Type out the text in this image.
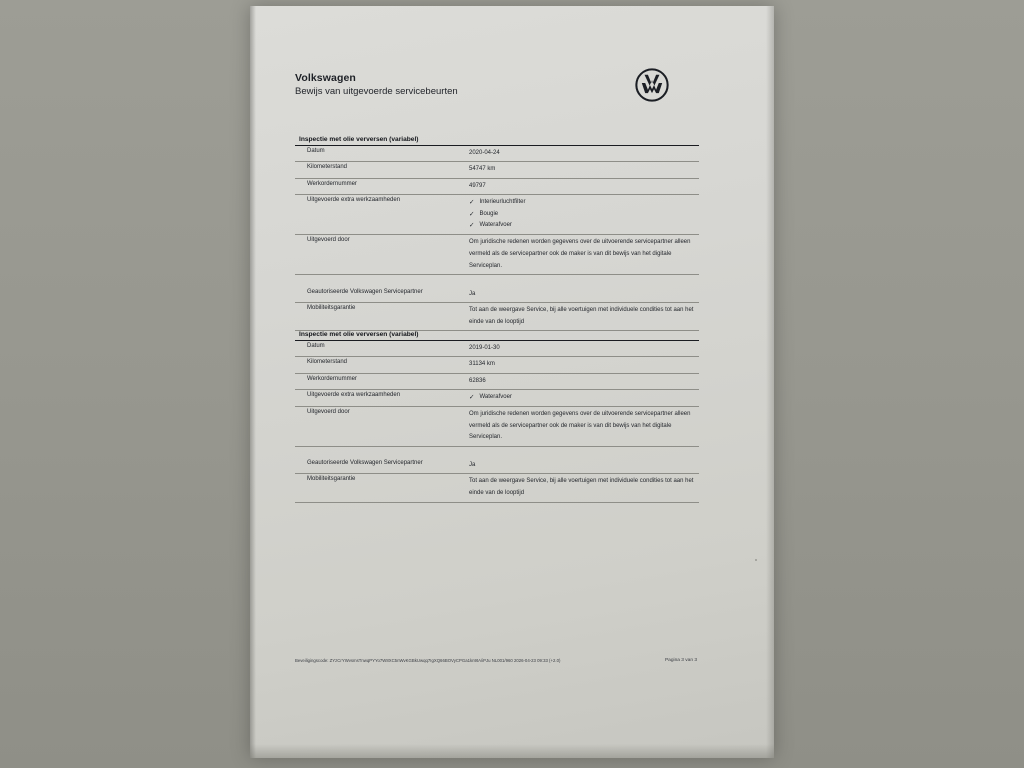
Volkswagen
Bewijs van uitgevoerde servicebeurten
Inspectie met olie verversen (variabel)
Datum	2020-04-24
Kilometerstand	54747 km
Werkordernummer	49797
Uitgevoerde extra werkzaamheden	✓ Interieurluchtfilter
✓ Bougie
✓ Waterafvoer
Uitgevoerd door	Om juridische redenen worden gegevens over de uitvoerende servicepartner alleen vermeld als de servicepartner ook de maker is van dit bewijs van het digitale Serviceplan.
Geautoriseerde Volkswagen Servicepartner	Ja
Mobiliteitsgarantie	Tot aan de weergave Service, bij alle voertuigen met individuele condities tot aan het einde van de looptijd
Inspectie met olie verversen (variabel)
Datum	2019-01-30
Kilometerstand	31134 km
Werkordernummer	62836
Uitgevoerde extra werkzaamheden	✓ Waterafvoer
Uitgevoerd door	Om juridische redenen worden gegevens over de uitvoerende servicepartner alleen vermeld als de servicepartner ook de maker is van dit bewijs van het digitale Serviceplan.
Geautoriseerde Volkswagen Servicepartner	Ja
Mobiliteitsgarantie	Tot aan de weergave Service, bij alle voertuigen met individuele condities tot aan het einde van de looptijd
Beveiligingscode: ZYzCrYWvsmsTnwqPYYo7W8XC5nWvKGBkUwqq7IgXQ66BOVyCPGa1kn9tA/iPJu NL001/960 2026-04-23 09:33 (+2.0)	Pagina 3 van 3
